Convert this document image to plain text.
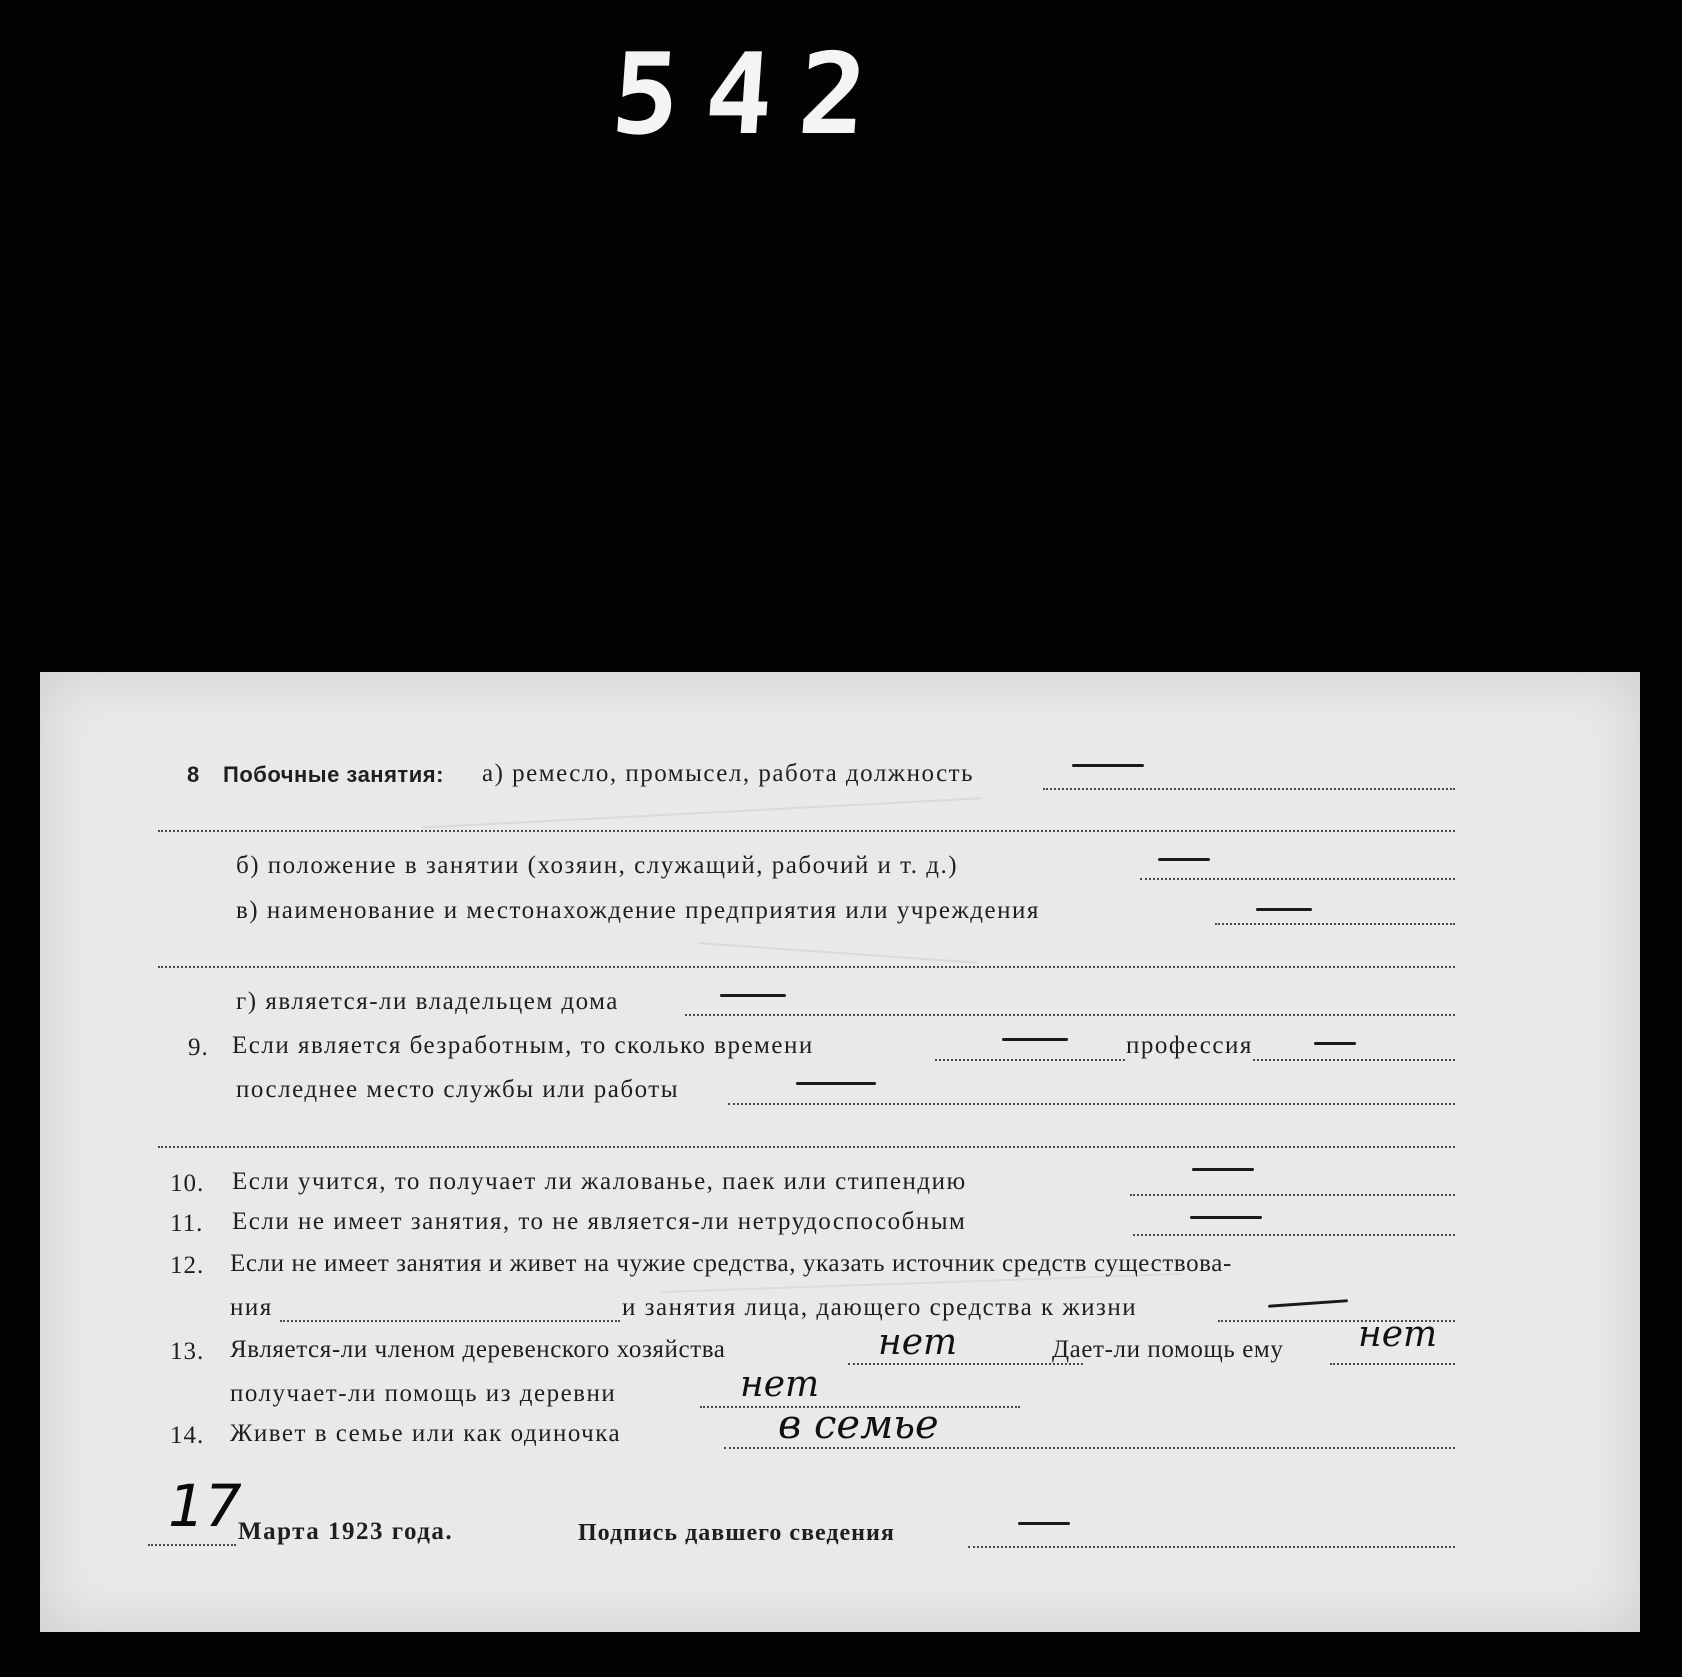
542
8 Побочные занятия: а) ремесло, промысел, работа должность
б) положение в занятии (хозяин, служащий, рабочий и т. д.)
в) наименование и местонахождение предприятия или учреждения
г) является-ли владельцем дома
9. Если является безработным, то сколько времени	профессия
последнее место службы или работы
10. Если учится, то получает ли жалованье, паек или стипендию
11. Если не имеет занятия, то не является-ли нетрудоспособным
12. Если не имеет занятия и живет на чужие средства, указать источник средств существова-
ния	и занятия лица, дающего средства к жизни
13. Является-ли членом деревенского хозяйства	нет	Дает-ли помощь ему нет
получает-ли помощь из деревни	нет
14. Живет в семье или как одиночка	в семье
17
Марта 1923 года.	Подпись давшего сведения
